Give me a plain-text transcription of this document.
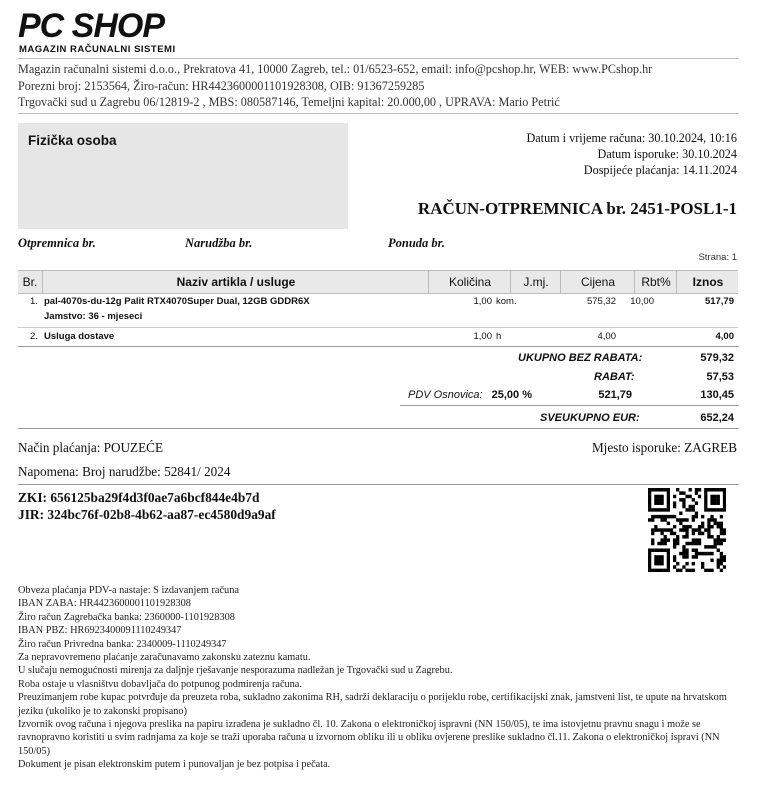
PC SHOP
MAGAZIN RAČUNALNI SISTEMI
Magazin računalni sistemi d.o.o., Prekratova 41, 10000 Zagreb, tel.: 01/6523-652, email: info@pcshop.hr, WEB: www.PCshop.hr
Porezni broj: 2153564, Žiro-račun: HR4423600001101928308, OIB: 91367259285
Trgovački sud u Zagrebu 06/12819-2 , MBS: 080587146, Temeljni kapital: 20.000,00 , UPRAVA: Mario Petrić
Fizička osoba	Datum i vrijeme računa: 30.10.2024, 10:16
Datum isporuke: 30.10.2024
Dospijeće plaćanja: 14.11.2024
RAČUN-OTPREMNICA br. 2451-POSL1-1
Otpremnica br.	Narudžba br.	Ponuda br.
Strana: 1
Br.	Naziv artikla / usluge	Količina	J.mj.	Cijena	Rbt%	Iznos
1. pal-4070s-du-12g Palit RTX4070Super Dual, 12GB GDDR6X
Jamstvo: 36 - mjeseci
1,00 kom.	575,32	10,00	517,79
2. Usluga dostave	1,00 h	4,00	4,00
UKUPNO BEZ RABATA:	579,32
RABAT:	57,53
PDV Osnovica: 25,00 %	521,79	130,45
SVEUKUPNO EUR:	652,24
Način plaćanja: POUZEĆE	Mjesto isporuke: ZAGREB
Napomena: Broj narudžbe: 52841/ 2024
ZKI: 656125ba29f4d3f0ae7a6bcf844e4b7d
JIR: 324bc76f-02b8-4b62-aa87-ec4580d9a9af
Obveza plaćanja PDV-a nastaje: S izdavanjem računa
IBAN ZABA: HR4423600001101928308
Žiro račun Zagrebačka banka: 2360000-1101928308
IBAN PBZ: HR6923400091110249347
Žiro račun Privredna banka: 2340009-1110249347
Za nepravovremeno plaćanje zaračunavamo zakonsku zateznu kamatu.
U slučaju nemogućnosti mirenja za daljnje rješavanje nesporazuma nadležan je Trgovački sud u Zagrebu.
Roba ostaje u vlasništvu dobavljača do potpunog podmirenja računa.
Preuzimanjem robe kupac potvrđuje da preuzeta roba, sukladno zakonima RH, sadrži deklaraciju o porijeklu robe, certifikacijski znak, jamstveni list, te upute na hrvatskom jeziku (ukoliko je to zakonski propisano)
Izvornik ovog računa i njegova preslika na papiru izrađena je sukladno čl. 10. Zakona o elektroničkoj ispravni (NN 150/05), te ima istovjetnu pravnu snagu i može se ravnopravno koristiti u svim radnjama za koje se traži uporaba računa u izvornom obliku ili u obliku ovjerene preslike sukladno čl.11. Zakona o elektroničkoj ispravi (NN 150/05)
Dokument je pisan elektronskim putem i punovaljan je bez potpisa i pečata.
